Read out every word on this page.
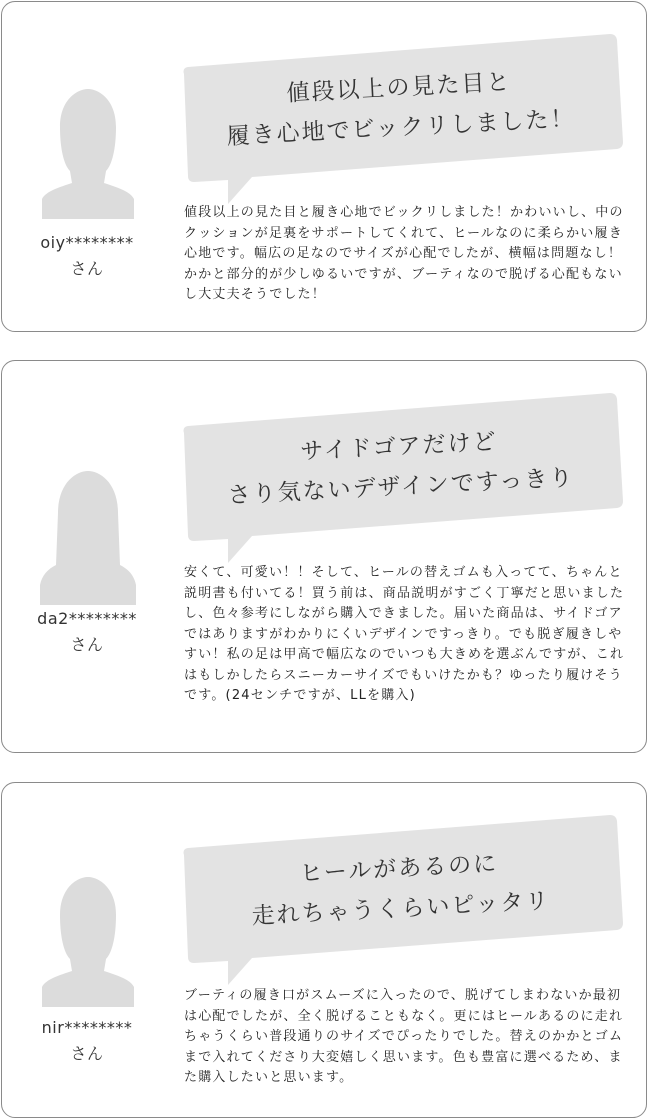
oiy********
さん
値段以上の見た目と
履き心地でビックリしました！
値段以上の見た目と履き心地でビックリしました！かわいいし、中のクッションが足裏をサポートしてくれて、ヒールなのに柔らかい履き心地です。幅広の足なのでサイズが心配でしたが、横幅は問題なし！かかと部分的が少しゆるいですが、ブーティなので脱げる心配もないし大丈夫そうでした！
da2********
さん
サイドゴアだけど
さり気ないデザインですっきり
安くて、可愛い！！そして、ヒールの替えゴムも入ってて、ちゃんと説明書も付いてる！買う前は、商品説明がすごく丁寧だと思いましたし、色々参考にしながら購入できました。届いた商品は、サイドゴアではありますがわかりにくいデザインですっきり。でも脱ぎ履きしやすい！私の足は甲高で幅広なのでいつも大きめを選ぶんですが、これはもしかしたらスニーカーサイズでもいけたかも？ゆったり履けそうです。(24センチですが、LLを購入)
nir********
さん
ヒールがあるのに
走れちゃうくらいピッタリ
ブーティの履き口がスムーズに入ったので、脱げてしまわないか最初は心配でしたが、全く脱げることもなく。更にはヒールあるのに走れちゃうくらい普段通りのサイズでぴったりでした。替えのかかとゴムまで入れてくださり大変嬉しく思います。色も豊富に選べるため、また購入したいと思います。
